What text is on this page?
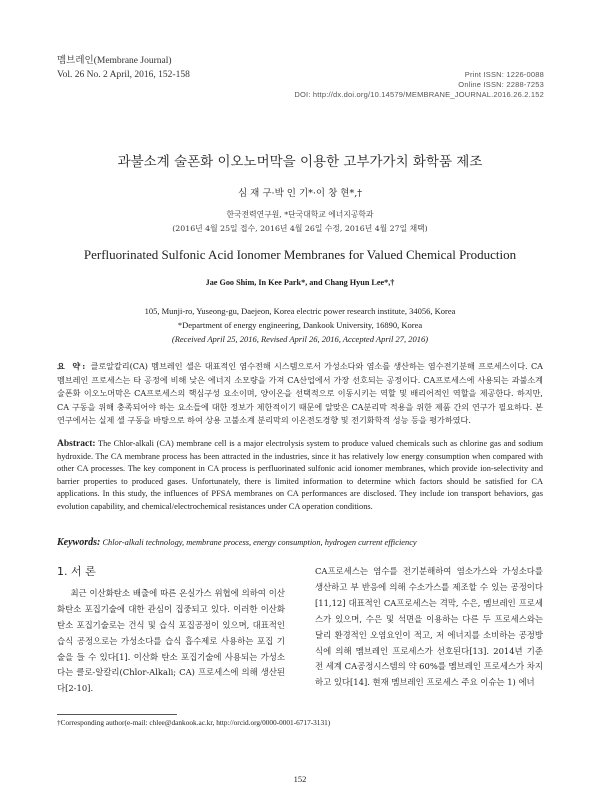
멤브레인(Membrane Journal)
Vol. 26 No. 2 April, 2016, 152-158	Print ISSN: 1226-0088
Online ISSN: 2288-7253
DOI: http://dx.doi.org/10.14579/MEMBRANE_JOURNAL.2016.26.2.152
과불소계 술폰화 이오노머막을 이용한 고부가가치 화학품 제조
심 재 구·박 인 기*·이 창 현*,†
한국전력연구원, *단국대학교 에너지공학과
(2016년 4월 25일 접수, 2016년 4월 26일 수정, 2016년 4월 27일 채택)
Perfluorinated Sulfonic Acid Ionomer Membranes for Valued Chemical Production
Jae Goo Shim, In Kee Park*, and Chang Hyun Lee*,†
105, Munji-ro, Yuseong-gu, Daejeon, Korea electric power research institute, 34056, Korea
*Department of energy engineering, Dankook University, 16890, Korea
(Received April 25, 2016, Revised April 26, 2016, Accepted April 27, 2016)
요 약: 클로알칼리(CA) 멤브레인 셀은 대표적인 염수전해 시스템으로서 가성소다와 염소를 생산하는 염수전기분해 프로세스이다. CA 멤브레인 프로세스는 타 공정에 비해 낮은 에너지 소모량을 가져 CA산업에서 가장 선호되는 공정이다. CA프로세스에 사용되는 과불소계 술폰화 이오노머막은 CA프로세스의 핵심구성 요소이며, 양이온을 선택적으로 이동시키는 역할 및 배리어적인 역할을 제공한다. 하지만, CA 구동을 위해 충족되어야 하는 요소들에 대한 정보가 제한적이기 때문에 알맞은 CA분리막 적용을 위한 제품 간의 연구가 필요하다. 본 연구에서는 실제 셀 구동을 바탕으로 하여 상용 고불소계 분리막의 이온전도경향 및 전기화학적 성능 등을 평가하였다.
Abstract: The Chlor-alkali (CA) membrane cell is a major electrolysis system to produce valued chemicals such as chlorine gas and sodium hydroxide. The CA membrane process has been attracted in the industries, since it has relatively low energy consumption when compared with other CA processes. The key component in CA process is perfluorinated sulfonic acid ionomer membranes, which provide ion-selectivity and barrier properties to produced gases. Unfortunately, there is limited information to determine which factors should be satisfied for CA applications. In this study, the influences of PFSA membranes on CA performances are disclosed. They include ion transport behaviors, gas evolution capability, and chemical/electrochemical resistances under CA operation conditions.
Keywords: Chlor-alkali technology, membrane process, energy consumption, hydrogen current efficiency
1. 서 론
최근 이산화탄소 배출에 따른 온실가스 위협에 의하여 이산화탄소 포집기술에 대한 관심이 집중되고 있다. 이러한 이산화탄소 포집기술로는 건식 및 습식 포집공정이 있으며, 대표적인 습식 공정으로는 가성소다를 습식 흡수제로 사용하는 포집 기술을 들 수 있다[1]. 이산화 탄소 포집기술에 사용되는 가성소다는 클로-알칼리(Chlor-Alkali; CA) 프로세스에 의해 생산된다[2-10].
CA프로세스는 염수를 전기분해하여 염소가스와 가성소다를 생산하고 부 반응에 의해 수소가스를 제조할 수 있는 공정이다[11,12] 대표적인 CA프로세스는 격막, 수은, 멤브레인 프로세스가 있으며, 수은 및 석면을 이용하는 다른 두 프로세스와는 달리 환경적인 오염요인이 적고, 저 에너지를 소비하는 공정방식에 의해 멤브레인 프로세스가 선호된다[13]. 2014년 기준 전 세계 CA공정시스템의 약 60%를 멤브레인 프로세스가 차지하고 있다[14]. 현재 멤브레인 프로세스 주요 이슈는 1) 에너
†Corresponding author(e-mail: chlee@dankook.ac.kr, http://orcid.org/0000-0001-6717-3131)
152
